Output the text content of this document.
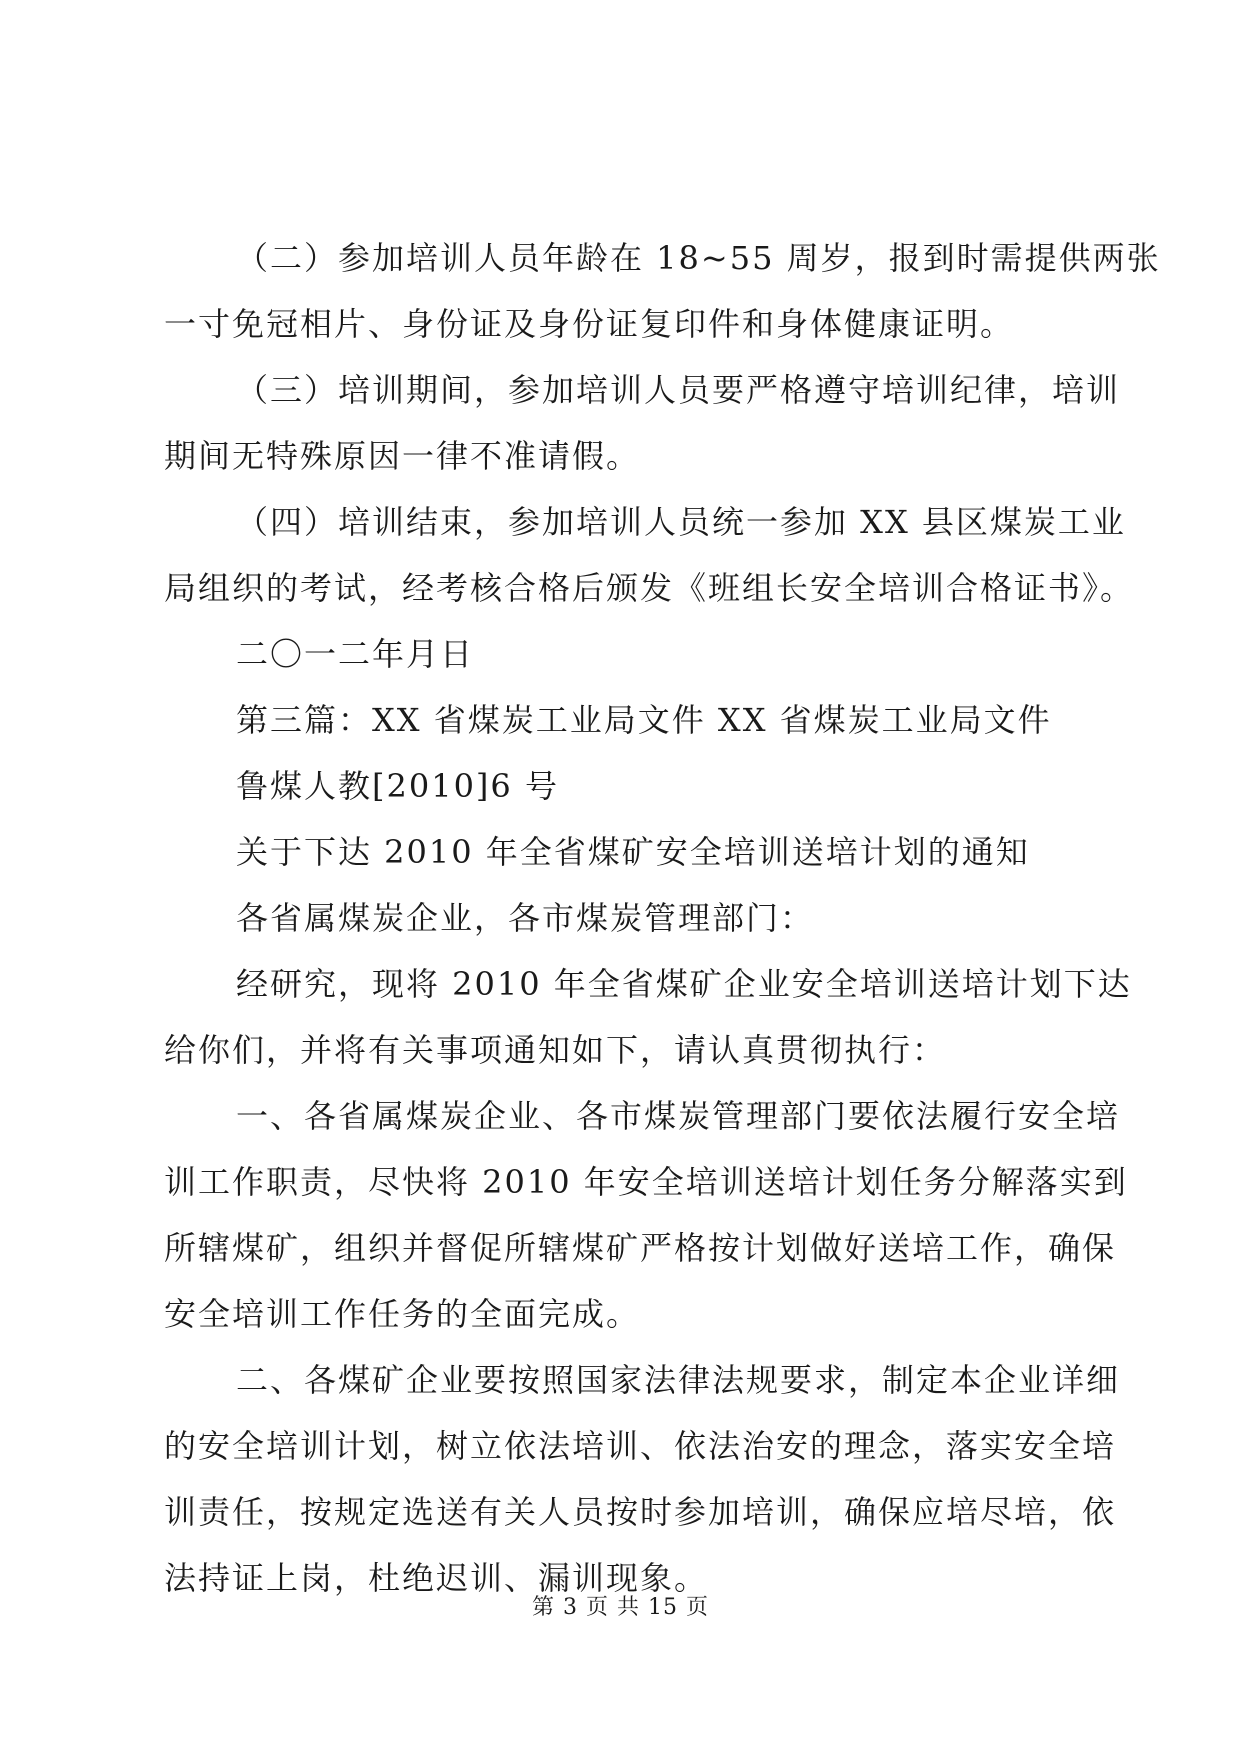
（二）参加培训人员年龄在 18~55 周岁，报到时需提供两张
一寸免冠相片、身份证及身份证复印件和身体健康证明。
（三）培训期间，参加培训人员要严格遵守培训纪律，培训
期间无特殊原因一律不准请假。
（四）培训结束，参加培训人员统一参加 XX 县区煤炭工业
局组织的考试，经考核合格后颁发《班组长安全培训合格证书》。
二〇一二年月日
第三篇：XX 省煤炭工业局文件 XX 省煤炭工业局文件
鲁煤人教[2010]6 号
关于下达 2010 年全省煤矿安全培训送培计划的通知
各省属煤炭企业，各市煤炭管理部门：
经研究，现将 2010 年全省煤矿企业安全培训送培计划下达
给你们，并将有关事项通知如下，请认真贯彻执行：
一、各省属煤炭企业、各市煤炭管理部门要依法履行安全培
训工作职责，尽快将 2010 年安全培训送培计划任务分解落实到
所辖煤矿，组织并督促所辖煤矿严格按计划做好送培工作，确保
安全培训工作任务的全面完成。
二、各煤矿企业要按照国家法律法规要求，制定本企业详细
的安全培训计划，树立依法培训、依法治安的理念，落实安全培
训责任，按规定选送有关人员按时参加培训，确保应培尽培，依
法持证上岗，杜绝迟训、漏训现象。
第 3 页 共 15 页
